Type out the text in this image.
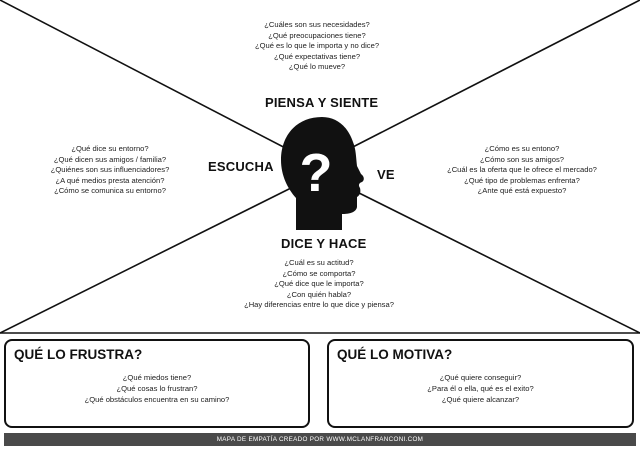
?
¿Cuáles son sus necesidades?
¿Qué preocupaciones tiene?
¿Qué es lo que le importa y no dice?
¿Qué expectativas tiene?
¿Qué lo mueve?
PIENSA Y SIENTE
¿Qué dice su entorno?
¿Qué dicen sus amigos / familia?
¿Quiénes son sus influenciadores?
¿A qué medios presta atención?
¿Cómo se comunica su entorno?
ESCUCHA
VE
¿Cómo es su entono?
¿Cómo son sus amigos?
¿Cuál es la oferta que le ofrece el mercado?
¿Qué tipo de problemas enfrenta?
¿Ante qué está expuesto?
DICE Y HACE
¿Cuál es su actitud?
¿Cómo se comporta?
¿Qué dice que le importa?
¿Con quién habla?
¿Hay diferencias entre lo que dice y piensa?
QUÉ LO FRUSTRA?
¿Qué miedos tiene?
¿Qué cosas lo frustran?
¿Qué obstáculos encuentra en su camino?
QUÉ LO MOTIVA?
¿Qué quiere conseguir?
¿Para él o ella, qué es el exito?
¿Qué quiere alcanzar?
MAPA DE EMPATÍA CREADO POR WWW.MCLANFRANCONI.COM
